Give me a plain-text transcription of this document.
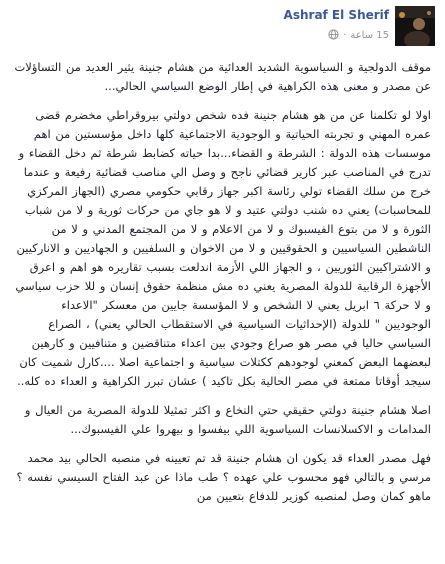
Ashraf El Sherif
15 ساعة·

موقف الدولجية و السياسوية الشديد العدائية من هشام جنينة يثير العديد من التساؤلات عن مصدر و معنى هذه الكراهية في إطار الوضع السياسي الحالي...

اولا لو تكلمنا عن من هو هشام جنينة فده شخص دولتي بيروقراطي مخضرم قضى عمره المهني و تجربته الحياتية و الوجودية الاجتماعية كلها داخل مؤسستين من اهم موسسات هذه الدولة : الشرطة و القضاء...بدا حياته كضابط شرطة ثم دخل القضاء و تدرج في المناصب عبر كارير قضائي ناجح و وصل الي مناصب قضائية رفيعة و عندما خرج من سلك القضاء تولي رئاسة اكبر جهاز رقابي حكومي مصري (الجهاز المركزي للمحاسبات) يعني ده شنب دولتي عتيد و لا هو جاي من حركات ثورية و لا من شباب الثورة و لا من بتوع الفيسبوك و لا من الاعلام و لا من المجتمع المدني و لا من الناشطين السياسيين و الحقوقيين و لا من الاخوان و السلفيين و الجهاديين و الاناركيين و الاشتراكيين الثوريين ، و الجهاز اللي الأزمة اندلعت بسبب تقاريره هو اهم و اعرق الأجهزة الرقابية للدولة المصرية يعني ده مش منظمة حقوق إنسان و للا حزب سياسي و لا حركة ٦ ابريل يعني لا الشخص و لا المؤسسة جايين من معسكر "الاعداء الوجوديين " للدولة (الإحداثيات السياسية في الاستقطاب الحالي يعني) ، الصراع السياسي حاليا في مصر هو صراع وجودي بين اعداء متناقضين و متنافيين و كارهين لبعضهما البعض كمعني لوجودهم ككتلات سياسية و اجتماعية اصلا ....كارل شميت كان سيجد أوقاتا ممتعة في مصر الحالية بكل تاكيد ) عشان تبرر الكراهية و العداء ده كله..

اصلا هشام جنينة دولتي حقيقي حتي النخاع و اكثر تمثيلا للدولة المصرية من العيال و المدامات و الاكسلانسات السياسوية اللي بيفسوا و بيهروا علي الفيسبوك...

فهل مصدر العداء قد يكون ان هشام جنينة قد تم تعيينه في منصبه الحالي بيد محمد مرسي و بالتالي فهو محسوب علي عهده ؟ طب ماذا عن عبد الفتاح السيسي نفسه ؟ ماهو كمان وصل لمنصبه كوزير للدفاع بتعيين من
